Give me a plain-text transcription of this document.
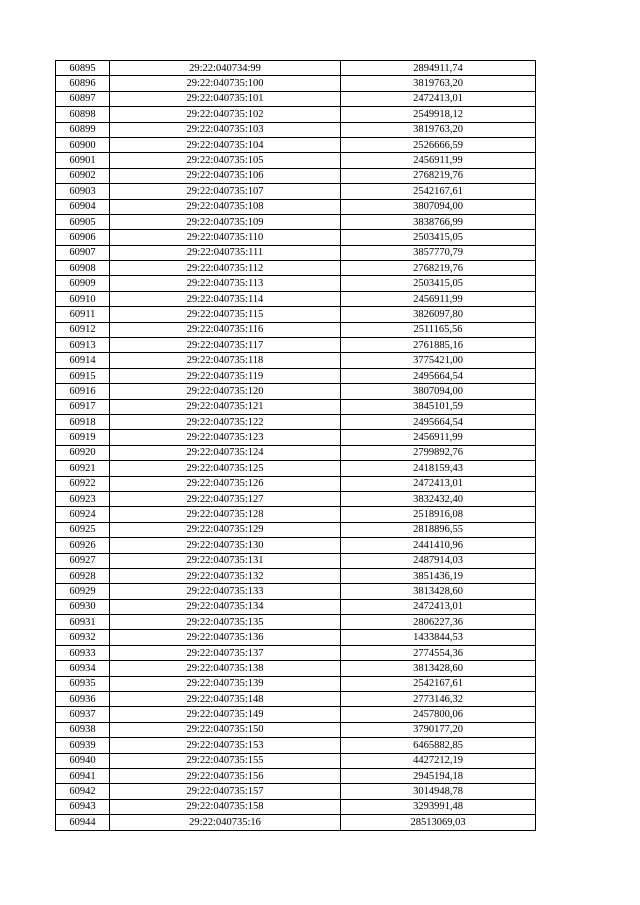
60895	29:22:040734:99	2894911,74
60896	29:22:040735:100	3819763,20
60897	29:22:040735:101	2472413,01
60898	29:22:040735:102	2549918,12
60899	29:22:040735:103	3819763,20
60900	29:22:040735:104	2526666,59
60901	29:22:040735:105	2456911,99
60902	29:22:040735:106	2768219,76
60903	29:22:040735:107	2542167,61
60904	29:22:040735:108	3807094,00
60905	29:22:040735:109	3838766,99
60906	29:22:040735:110	2503415,05
60907	29:22:040735:111	3857770,79
60908	29:22:040735:112	2768219,76
60909	29:22:040735:113	2503415,05
60910	29:22:040735:114	2456911,99
60911	29:22:040735:115	3826097,80
60912	29:22:040735:116	2511165,56
60913	29:22:040735:117	2761885,16
60914	29:22:040735:118	3775421,00
60915	29:22:040735:119	2495664,54
60916	29:22:040735:120	3807094,00
60917	29:22:040735:121	3845101,59
60918	29:22:040735:122	2495664,54
60919	29:22:040735:123	2456911,99
60920	29:22:040735:124	2799892,76
60921	29:22:040735:125	2418159,43
60922	29:22:040735:126	2472413,01
60923	29:22:040735:127	3832432,40
60924	29:22:040735:128	2518916,08
60925	29:22:040735:129	2818896,55
60926	29:22:040735:130	2441410,96
60927	29:22:040735:131	2487914,03
60928	29:22:040735:132	3851436,19
60929	29:22:040735:133	3813428,60
60930	29:22:040735:134	2472413,01
60931	29:22:040735:135	2806227,36
60932	29:22:040735:136	1433844,53
60933	29:22:040735:137	2774554,36
60934	29:22:040735:138	3813428,60
60935	29:22:040735:139	2542167,61
60936	29:22:040735:148	2773146,32
60937	29:22:040735:149	2457800,06
60938	29:22:040735:150	3790177,20
60939	29:22:040735:153	6465882,85
60940	29:22:040735:155	4427212,19
60941	29:22:040735:156	2945194,18
60942	29:22:040735:157	3014948,78
60943	29:22:040735:158	3293991,48
60944	29:22:040735:16	28513069,03
